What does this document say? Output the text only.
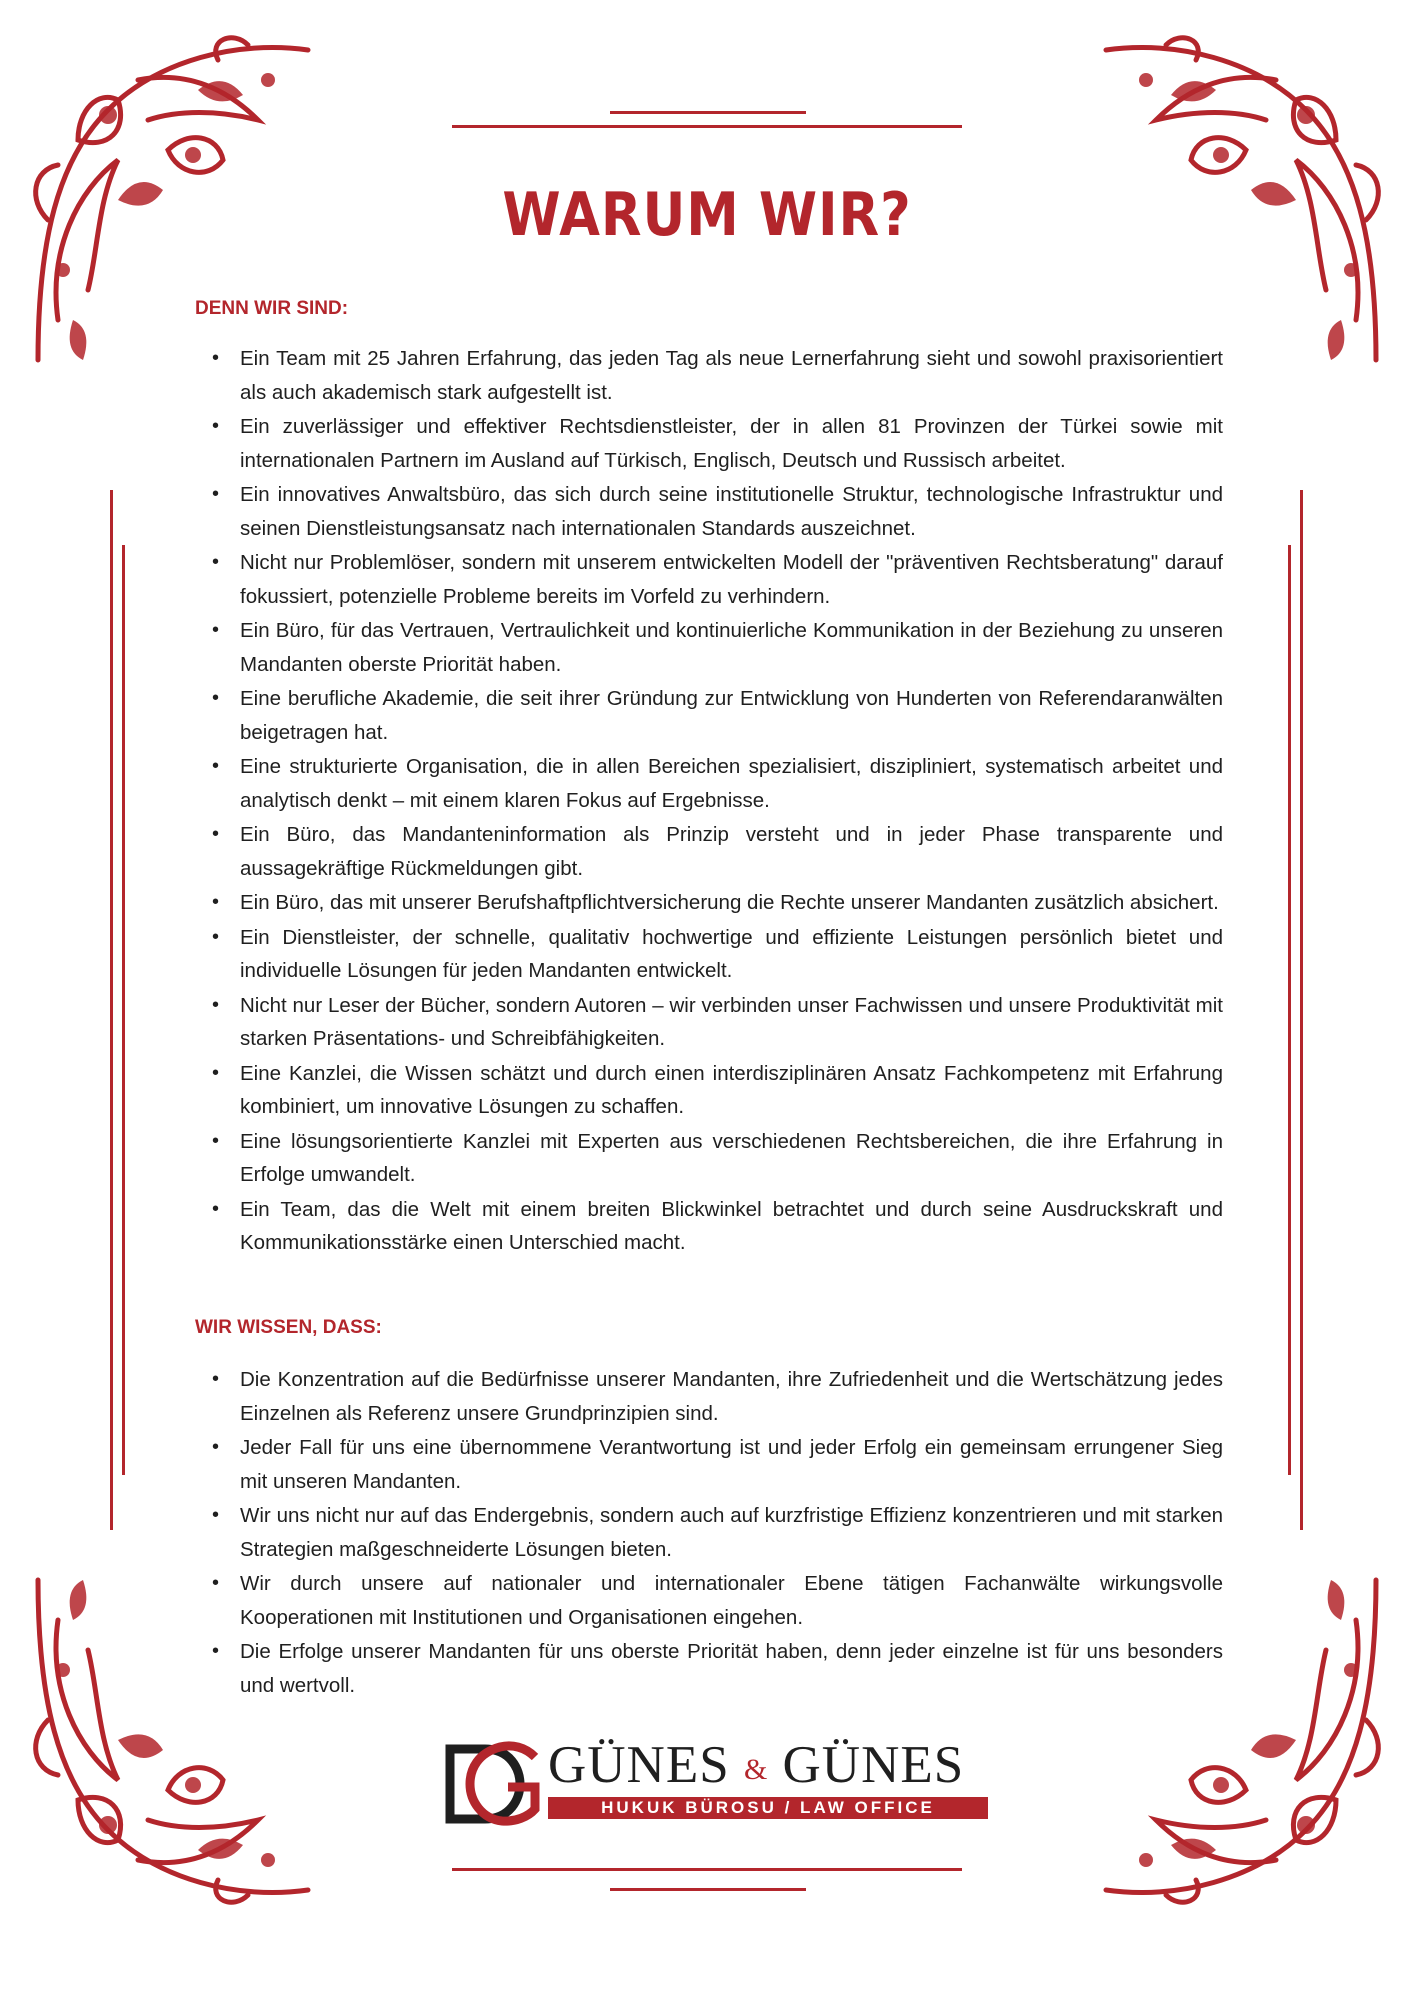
WARUM WIR?
DENN WIR SIND:
• Ein Team mit 25 Jahren Erfahrung, das jeden Tag als neue Lernerfahrung sieht und sowohl praxisorientiert als auch akademisch stark aufgestellt ist.
• Ein zuverlässiger und effektiver Rechtsdienstleister, der in allen 81 Provinzen der Türkei sowie mit internationalen Partnern im Ausland auf Türkisch, Englisch, Deutsch und Russisch arbeitet.
• Ein innovatives Anwaltsbüro, das sich durch seine institutionelle Struktur, technologische Infrastruktur und seinen Dienstleistungsansatz nach internationalen Standards auszeichnet.
• Nicht nur Problemlöser, sondern mit unserem entwickelten Modell der "präventiven Rechtsberatung" darauf fokussiert, potenzielle Probleme bereits im Vorfeld zu verhindern.
• Ein Büro, für das Vertrauen, Vertraulichkeit und kontinuierliche Kommunikation in der Beziehung zu unseren Mandanten oberste Priorität haben.
• Eine berufliche Akademie, die seit ihrer Gründung zur Entwicklung von Hunderten von Referendaranwälten beigetragen hat.
• Eine strukturierte Organisation, die in allen Bereichen spezialisiert, diszipliniert, systematisch arbeitet und analytisch denkt – mit einem klaren Fokus auf Ergebnisse.
• Ein Büro, das Mandanteninformation als Prinzip versteht und in jeder Phase transparente und aussagekräftige Rückmeldungen gibt.
• Ein Büro, das mit unserer Berufshaftpflichtversicherung die Rechte unserer Mandanten zusätzlich absichert.
• Ein Dienstleister, der schnelle, qualitativ hochwertige und effiziente Leistungen persönlich bietet und individuelle Lösungen für jeden Mandanten entwickelt.
• Nicht nur Leser der Bücher, sondern Autoren – wir verbinden unser Fachwissen und unsere Produktivität mit starken Präsentations- und Schreibfähigkeiten.
• Eine Kanzlei, die Wissen schätzt und durch einen interdisziplinären Ansatz Fachkompetenz mit Erfahrung kombiniert, um innovative Lösungen zu schaffen.
• Eine lösungsorientierte Kanzlei mit Experten aus verschiedenen Rechtsbereichen, die ihre Erfahrung in Erfolge umwandelt.
• Ein Team, das die Welt mit einem breiten Blickwinkel betrachtet und durch seine Ausdruckskraft und Kommunikationsstärke einen Unterschied macht.
WIR WISSEN, DASS:
• Die Konzentration auf die Bedürfnisse unserer Mandanten, ihre Zufriedenheit und die Wertschätzung jedes Einzelnen als Referenz unsere Grundprinzipien sind.
• Jeder Fall für uns eine übernommene Verantwortung ist und jeder Erfolg ein gemeinsam errungener Sieg mit unseren Mandanten.
• Wir uns nicht nur auf das Endergebnis, sondern auch auf kurzfristige Effizienz konzentrieren und mit starken Strategien maßgeschneiderte Lösungen bieten.
• Wir durch unsere auf nationaler und internationaler Ebene tätigen Fachanwälte wirkungsvolle Kooperationen mit Institutionen und Organisationen eingehen.
• Die Erfolge unserer Mandanten für uns oberste Priorität haben, denn jeder einzelne ist für uns besonders und wertvoll.
GÜNES & GÜNES
HUKUK BÜROSU / LAW OFFICE
